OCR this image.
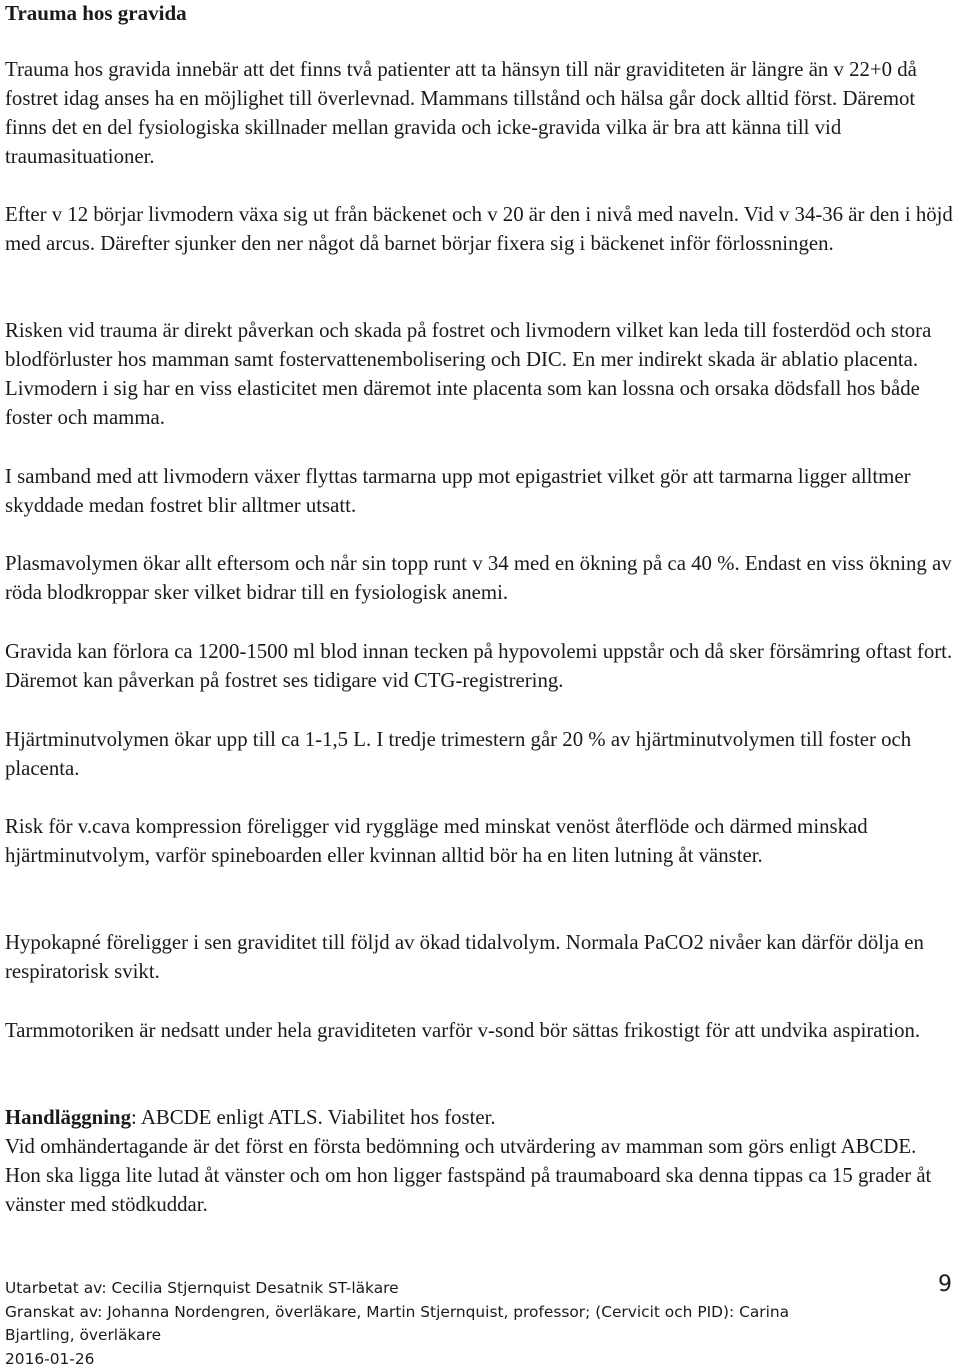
Trauma hos gravida

Trauma hos gravida innebär att det finns två patienter att ta hänsyn till när graviditeten är längre än v 22+0 då fostret idag anses ha en möjlighet till överlevnad. Mammans tillstånd och hälsa går dock alltid först. Däremot finns det en del fysiologiska skillnader mellan gravida och icke-gravida vilka är bra att känna till vid traumasituationer.

Efter v 12 börjar livmodern växa sig ut från bäckenet och v 20 är den i nivå med naveln. Vid v 34-36 är den i höjd med arcus. Därefter sjunker den ner något då barnet börjar fixera sig i bäckenet inför förlossningen.

Risken vid trauma är direkt påverkan och skada på fostret och livmodern vilket kan leda till fosterdöd och stora blodförluster hos mamman samt fostervattenembolisering och DIC. En mer indirekt skada är ablatio placenta. Livmodern i sig har en viss elasticitet men däremot inte placenta som kan lossna och orsaka dödsfall hos både foster och mamma.

I samband med att livmodern växer flyttas tarmarna upp mot epigastriet vilket gör att tarmarna ligger alltmer skyddade medan fostret blir alltmer utsatt.

Plasmavolymen ökar allt eftersom och når sin topp runt v 34 med en ökning på ca 40 %. Endast en viss ökning av röda blodkroppar sker vilket bidrar till en fysiologisk anemi.

Gravida kan förlora ca 1200-1500 ml blod innan tecken på hypovolemi uppstår och då sker försämring oftast fort. Däremot kan påverkan på fostret ses tidigare vid CTG-registrering.

Hjärtminutvolymen ökar upp till ca 1-1,5 L. I tredje trimestern går 20 % av hjärtminutvolymen till foster och placenta.

Risk för v.cava kompression föreligger vid ryggläge med minskat venöst återflöde och därmed minskad hjärtminutvolym, varför spineboarden eller kvinnan alltid bör ha en liten lutning åt vänster.

Hypokapné föreligger i sen graviditet till följd av ökad tidalvolym. Normala PaCO2 nivåer kan därför dölja en respiratorisk svikt.

Tarmmotoriken är nedsatt under hela graviditeten varför v-sond bör sättas frikostigt för att undvika aspiration.

Handläggning: ABCDE enligt ATLS. Viabilitet hos foster.

Vid omhändertagande är det först en första bedömning och utvärdering av mamman som görs enligt ABCDE. Hon ska ligga lite lutad åt vänster och om hon ligger fastspänd på traumaboard ska denna tippas ca 15 grader åt vänster med stödkuddar.

Utarbetat av: Cecilia Stjernquist Desatnik ST-läkare
Granskat av: Johanna Nordengren, överläkare, Martin Stjernquist, professor; (Cervicit och PID): Carina
Bjartling, överläkare
2016-01-26
9
